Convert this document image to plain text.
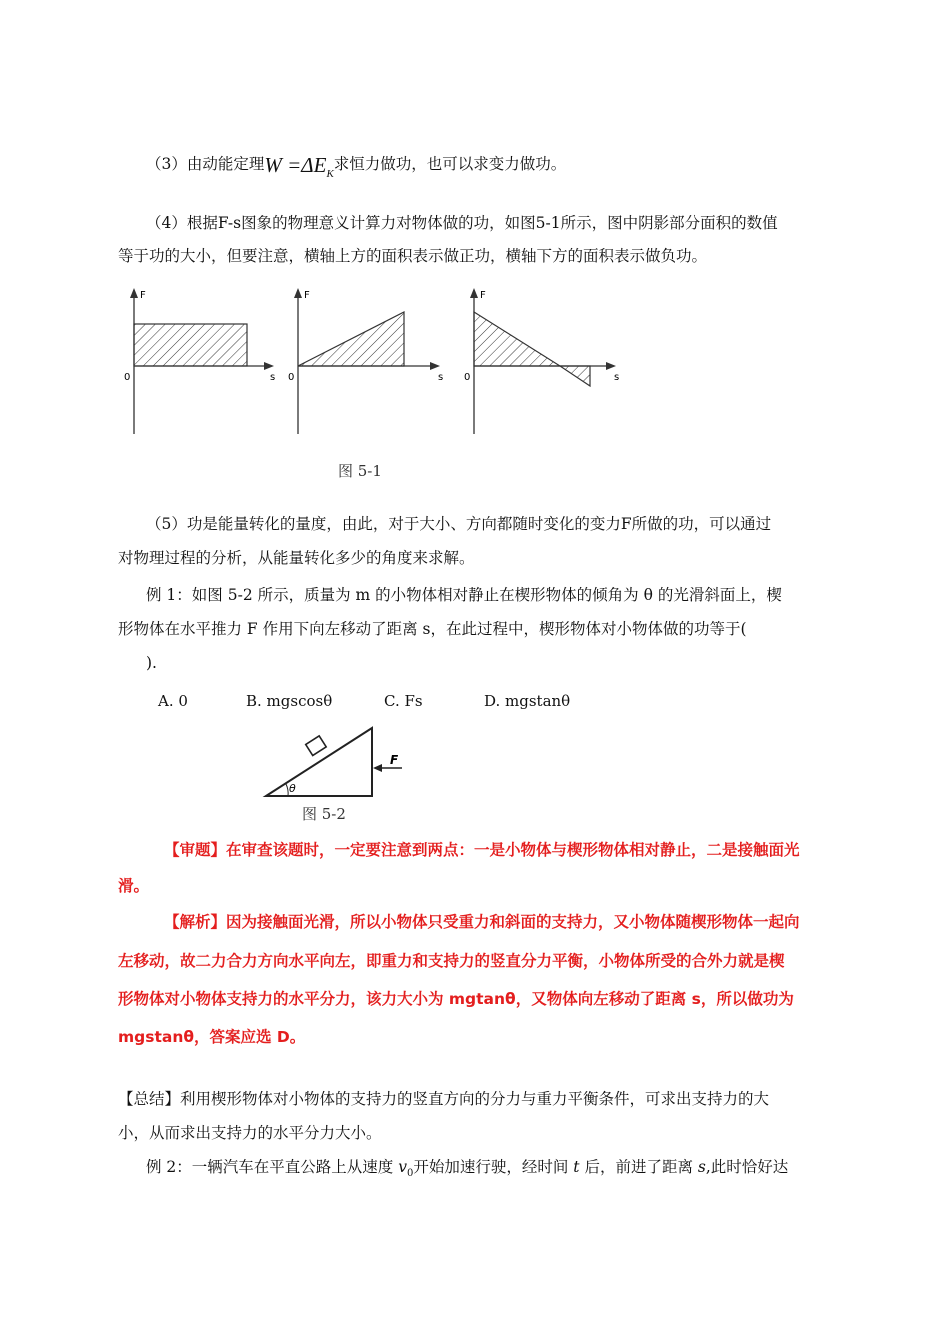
（3）由动能定理$W =\Delta E_K$求恒力做功，也可以求变力做功。
（4）根据F-s图象的物理意义计算力对物体做的功，如图5-1所示，图中阴影部分面积的数值
等于功的大小，但要注意，横轴上方的面积表示做正功，横轴下方的面积表示做负功。
F
s
0
F
s
0
F
s
0
图 5-1
（5）功是能量转化的量度，由此，对于大小、方向都随时变化的变力F所做的功，可以通过
对物理过程的分析，从能量转化多少的角度来求解。
例 1：如图 5-2 所示，质量为 m 的小物体相对静止在楔形物体的倾角为 θ 的光滑斜面上，楔
形物体在水平推力 F 作用下向左移动了距离 s，在此过程中，楔形物体对小物体做的功等于(
).
A. 0	B. mgscosθ	C. Fs	D. mgstanθ
θ
F
图 5-2
【审题】在审查该题时，一定要注意到两点：一是小物体与楔形物体相对静止，二是接触面光
滑。
【解析】因为接触面光滑，所以小物体只受重力和斜面的支持力，又小物体随楔形物体一起向
左移动，故二力合力方向水平向左，即重力和支持力的竖直分力平衡，小物体所受的合外力就是楔
形物体对小物体支持力的水平分力，该力大小为 mgtanθ，又物体向左移动了距离 s，所以做功为
mgstanθ，答案应选 D。
【总结】利用楔形物体对小物体的支持力的竖直方向的分力与重力平衡条件，可求出支持力的大
小，从而求出支持力的水平分力大小。
例 2：一辆汽车在平直公路上从速度 $v_0$开始加速行驶，经时间 t 后，前进了距离 s,此时恰好达
